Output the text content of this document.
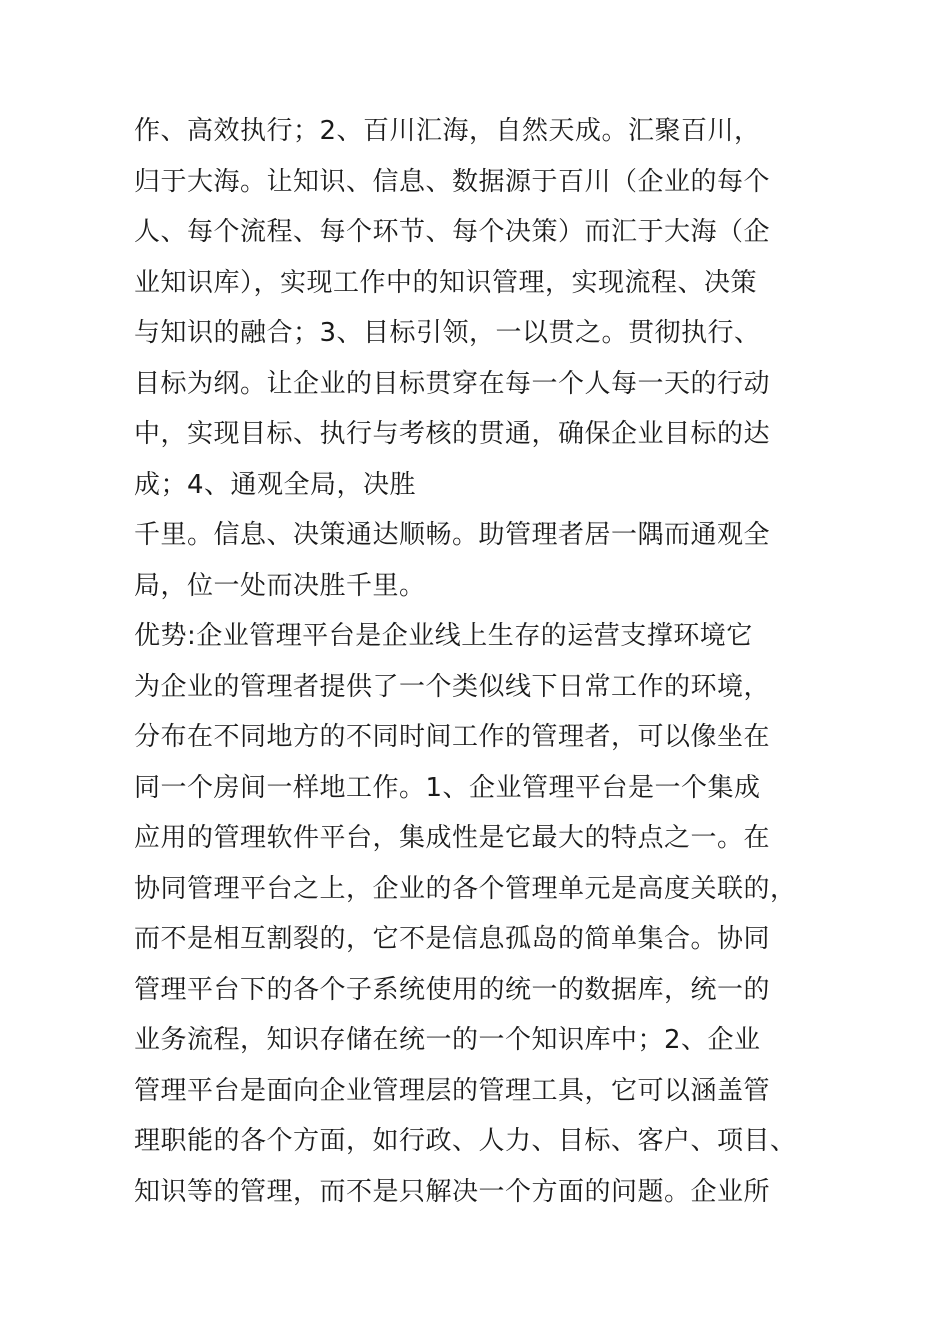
作、高效执行；2、百川汇海，自然天成。汇聚百川，
归于大海。让知识、信息、数据源于百川（企业的每个
人、每个流程、每个环节、每个决策）而汇于大海（企
业知识库），实现工作中的知识管理，实现流程、决策
与知识的融合；3、目标引领，一以贯之。贯彻执行、
目标为纲。让企业的目标贯穿在每一个人每一天的行动
中，实现目标、执行与考核的贯通，确保企业目标的达
成；4、通观全局，决胜
千里。信息、决策通达顺畅。助管理者居一隅而通观全
局，位一处而决胜千里。
优势:企业管理平台是企业线上生存的运营支撑环境它
为企业的管理者提供了一个类似线下日常工作的环境，
分布在不同地方的不同时间工作的管理者，可以像坐在
同一个房间一样地工作。1、企业管理平台是一个集成
应用的管理软件平台，集成性是它最大的特点之一。在
协同管理平台之上，企业的各个管理单元是高度关联的，
而不是相互割裂的，它不是信息孤岛的简单集合。协同
管理平台下的各个子系统使用的统一的数据库，统一的
业务流程，知识存储在统一的一个知识库中；2、企业
管理平台是面向企业管理层的管理工具，它可以涵盖管
理职能的各个方面，如行政、人力、目标、客户、项目、
知识等的管理，而不是只解决一个方面的问题。企业所
